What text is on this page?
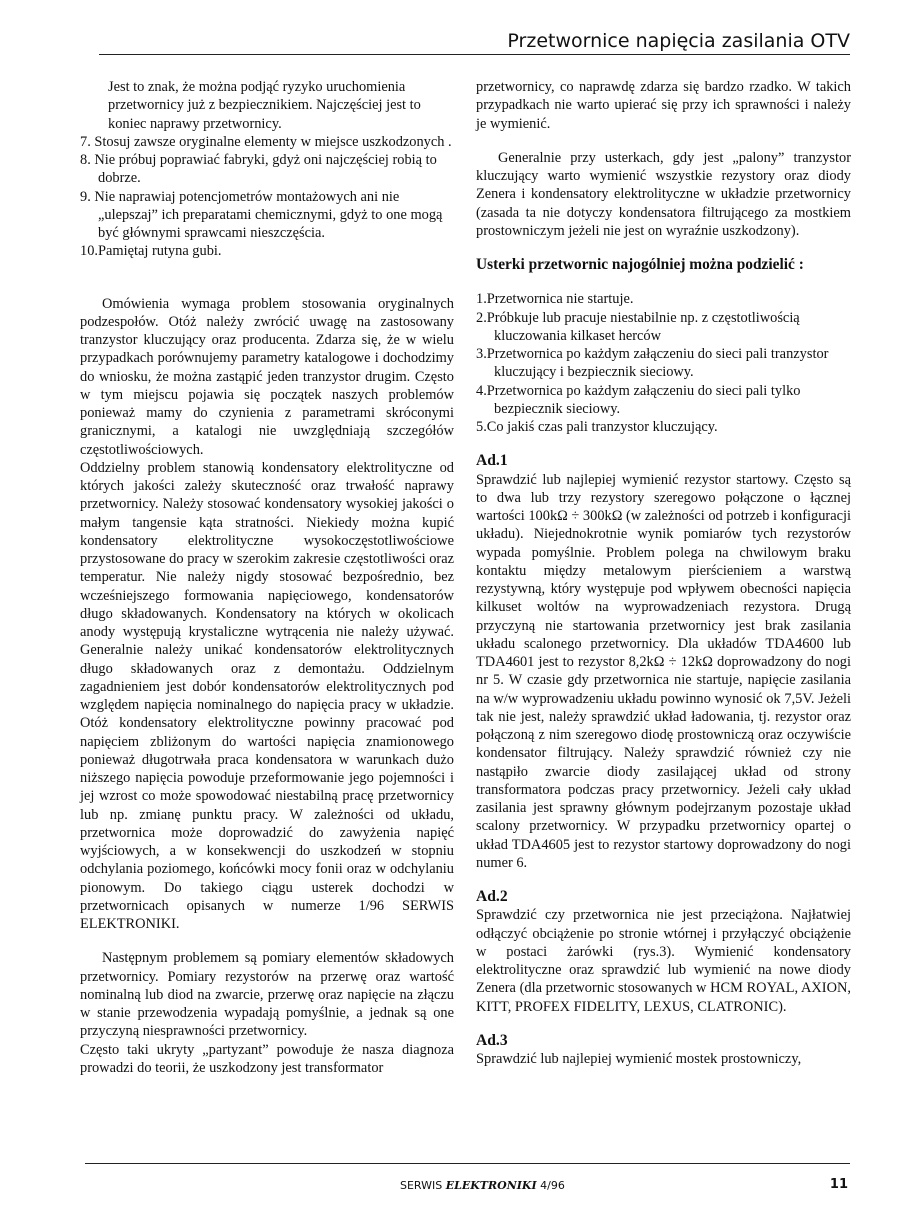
Przetwornice napięcia zasilania OTV

Jest to znak, że można podjąć ryzyko uruchomienia przetwornicy już z bezpiecznikiem. Najczęściej jest to koniec naprawy przetwornicy.

7. Stosuj zawsze oryginalne elementy w miejsce uszkodzonych .
8. Nie próbuj poprawiać fabryki, gdyż oni najczęściej robią to dobrze.
9. Nie naprawiaj potencjometrów montażowych ani nie „ulepszaj” ich preparatami chemicznymi, gdyż to one mogą być głównymi sprawcami nieszczęścia.
10.Pamiętaj rutyna gubi.

Omówienia wymaga problem stosowania oryginalnych podzespołów. Otóż należy zwrócić uwagę na zastosowany tranzystor kluczujący oraz producenta. Zdarza się, że w wielu przypadkach porównujemy parametry katalogowe i dochodzimy do wniosku, że można zastąpić jeden tranzystor drugim. Często w tym miejscu pojawia się początek naszych problemów ponieważ mamy do czynienia z parametrami skróconymi granicznymi, a katalogi nie uwzględniają szczegółów częstotliwościowych.

Oddzielny problem stanowią kondensatory elektrolityczne od których jakości zależy skuteczność oraz trwałość naprawy przetwornicy. Należy stosować kondensatory wysokiej jakości o małym tangensie kąta stratności. Niekiedy można kupić kondensatory elektrolityczne wysokoczęstotliwościowe przystosowane do pracy w szerokim zakresie częstotliwości oraz temperatur. Nie należy nigdy stosować bezpośrednio, bez wcześniejszego formowania napięciowego, kondensatorów długo składowanych. Kondensatory na których w okolicach anody występują krystaliczne wytrącenia nie należy używać. Generalnie należy unikać kondensatorów elektrolitycznych długo składowanych oraz z demontażu. Oddzielnym zagadnieniem jest dobór kondensatorów elektrolitycznych pod względem napięcia nominalnego do napięcia pracy w układzie. Otóż kondensatory elektrolityczne powinny pracować pod napięciem zbliżonym do wartości napięcia znamionowego ponieważ długotrwała praca kondensatora w warunkach dużo niższego napięcia powoduje przeformowanie jego pojemności i jej wzrost co może spowodować niestabilną pracę przetwornicy lub np. zmianę punktu pracy. W zależności od układu, przetwornica może doprowadzić do zawyżenia napięć wyjściowych, a w konsekwencji do uszkodzeń w stopniu odchylania poziomego, końcówki mocy fonii oraz w odchylaniu pionowym. Do takiego ciągu usterek dochodzi w przetwornicach opisanych w numerze 1/96 SERWIS ELEKTRONIKI.

Następnym problemem są pomiary elementów składowych przetwornicy. Pomiary rezystorów na przerwę oraz wartość nominalną lub diod na zwarcie, przerwę oraz napięcie na złączu w stanie przewodzenia wypadają pomyślnie, a jednak są one przyczyną niesprawności przetwornicy.

Często taki ukryty „partyzant” powoduje że nasza diagnoza prowadzi do teorii, że uszkodzony jest transformator

przetwornicy, co naprawdę zdarza się bardzo rzadko. W takich przypadkach nie warto upierać się przy ich sprawności i należy je wymienić.

Generalnie przy usterkach, gdy jest „palony” tranzystor kluczujący warto wymienić wszystkie rezystory oraz diody Zenera i kondensatory elektrolityczne w układzie przetwornicy (zasada ta nie dotyczy kondensatora filtrującego za mostkiem prostowniczym jeżeli nie jest on wyraźnie uszkodzony).

Usterki przetwornic najogólniej można podzielić :

1.Przetwornica nie startuje.
2.Próbkuje lub pracuje niestabilnie np. z częstotliwością kluczowania kilkaset herców
3.Przetwornica po każdym załączeniu do sieci pali tranzystor kluczujący i bezpiecznik sieciowy.
4.Przetwornica po każdym załączeniu do sieci pali tylko bezpiecznik sieciowy.
5.Co jakiś czas pali tranzystor kluczujący.

Ad.1

Sprawdzić lub najlepiej wymienić rezystor startowy. Często są to dwa lub trzy rezystory szeregowo połączone o łącznej wartości 100kΩ ÷ 300kΩ (w zależności od potrzeb i konfiguracji układu). Niejednokrotnie wynik pomiarów tych rezystorów wypada pomyślnie. Problem polega na chwilowym braku kontaktu między metalowym pierścieniem a warstwą rezystywną, który występuje pod wpływem obecności napięcia kilkuset woltów na wyprowadzeniach rezystora. Drugą przyczyną nie startowania przetwornicy jest brak zasilania układu scalonego przetwornicy. Dla układów TDA4600 lub TDA4601 jest to rezystor 8,2kΩ ÷ 12kΩ doprowadzony do nogi nr 5. W czasie gdy przetwornica nie startuje, napięcie zasilania na w/w wyprowadzeniu układu powinno wynosić ok 7,5V. Jeżeli tak nie jest, należy sprawdzić układ ładowania, tj. rezystor oraz połączoną z nim szeregowo diodę prostowniczą oraz oczywiście kondensator filtrujący. Należy sprawdzić również czy nie nastąpiło zwarcie diody zasilającej układ od strony transformatora podczas pracy przetwornicy. Jeżeli cały układ zasilania jest sprawny głównym podejrzanym pozostaje układ scalony przetwornicy. W przypadku przetwornicy opartej o układ TDA4605 jest to rezystor startowy doprowadzony do nogi numer 6.

Ad.2

Sprawdzić czy przetwornica nie jest przeciążona. Najłatwiej odłączyć obciążenie po stronie wtórnej i przyłączyć obciążenie w postaci żarówki (rys.3). Wymienić kondensatory elektrolityczne oraz sprawdzić lub wymienić na nowe diody Zenera (dla przetwornic stosowanych w HCM ROYAL, AXION, KITT, PROFEX FIDELITY, LEXUS, CLATRONIC).

Ad.3

Sprawdzić lub najlepiej wymienić mostek prostowniczy,

SERWIS ELEKTRONIKI 4/96	11
